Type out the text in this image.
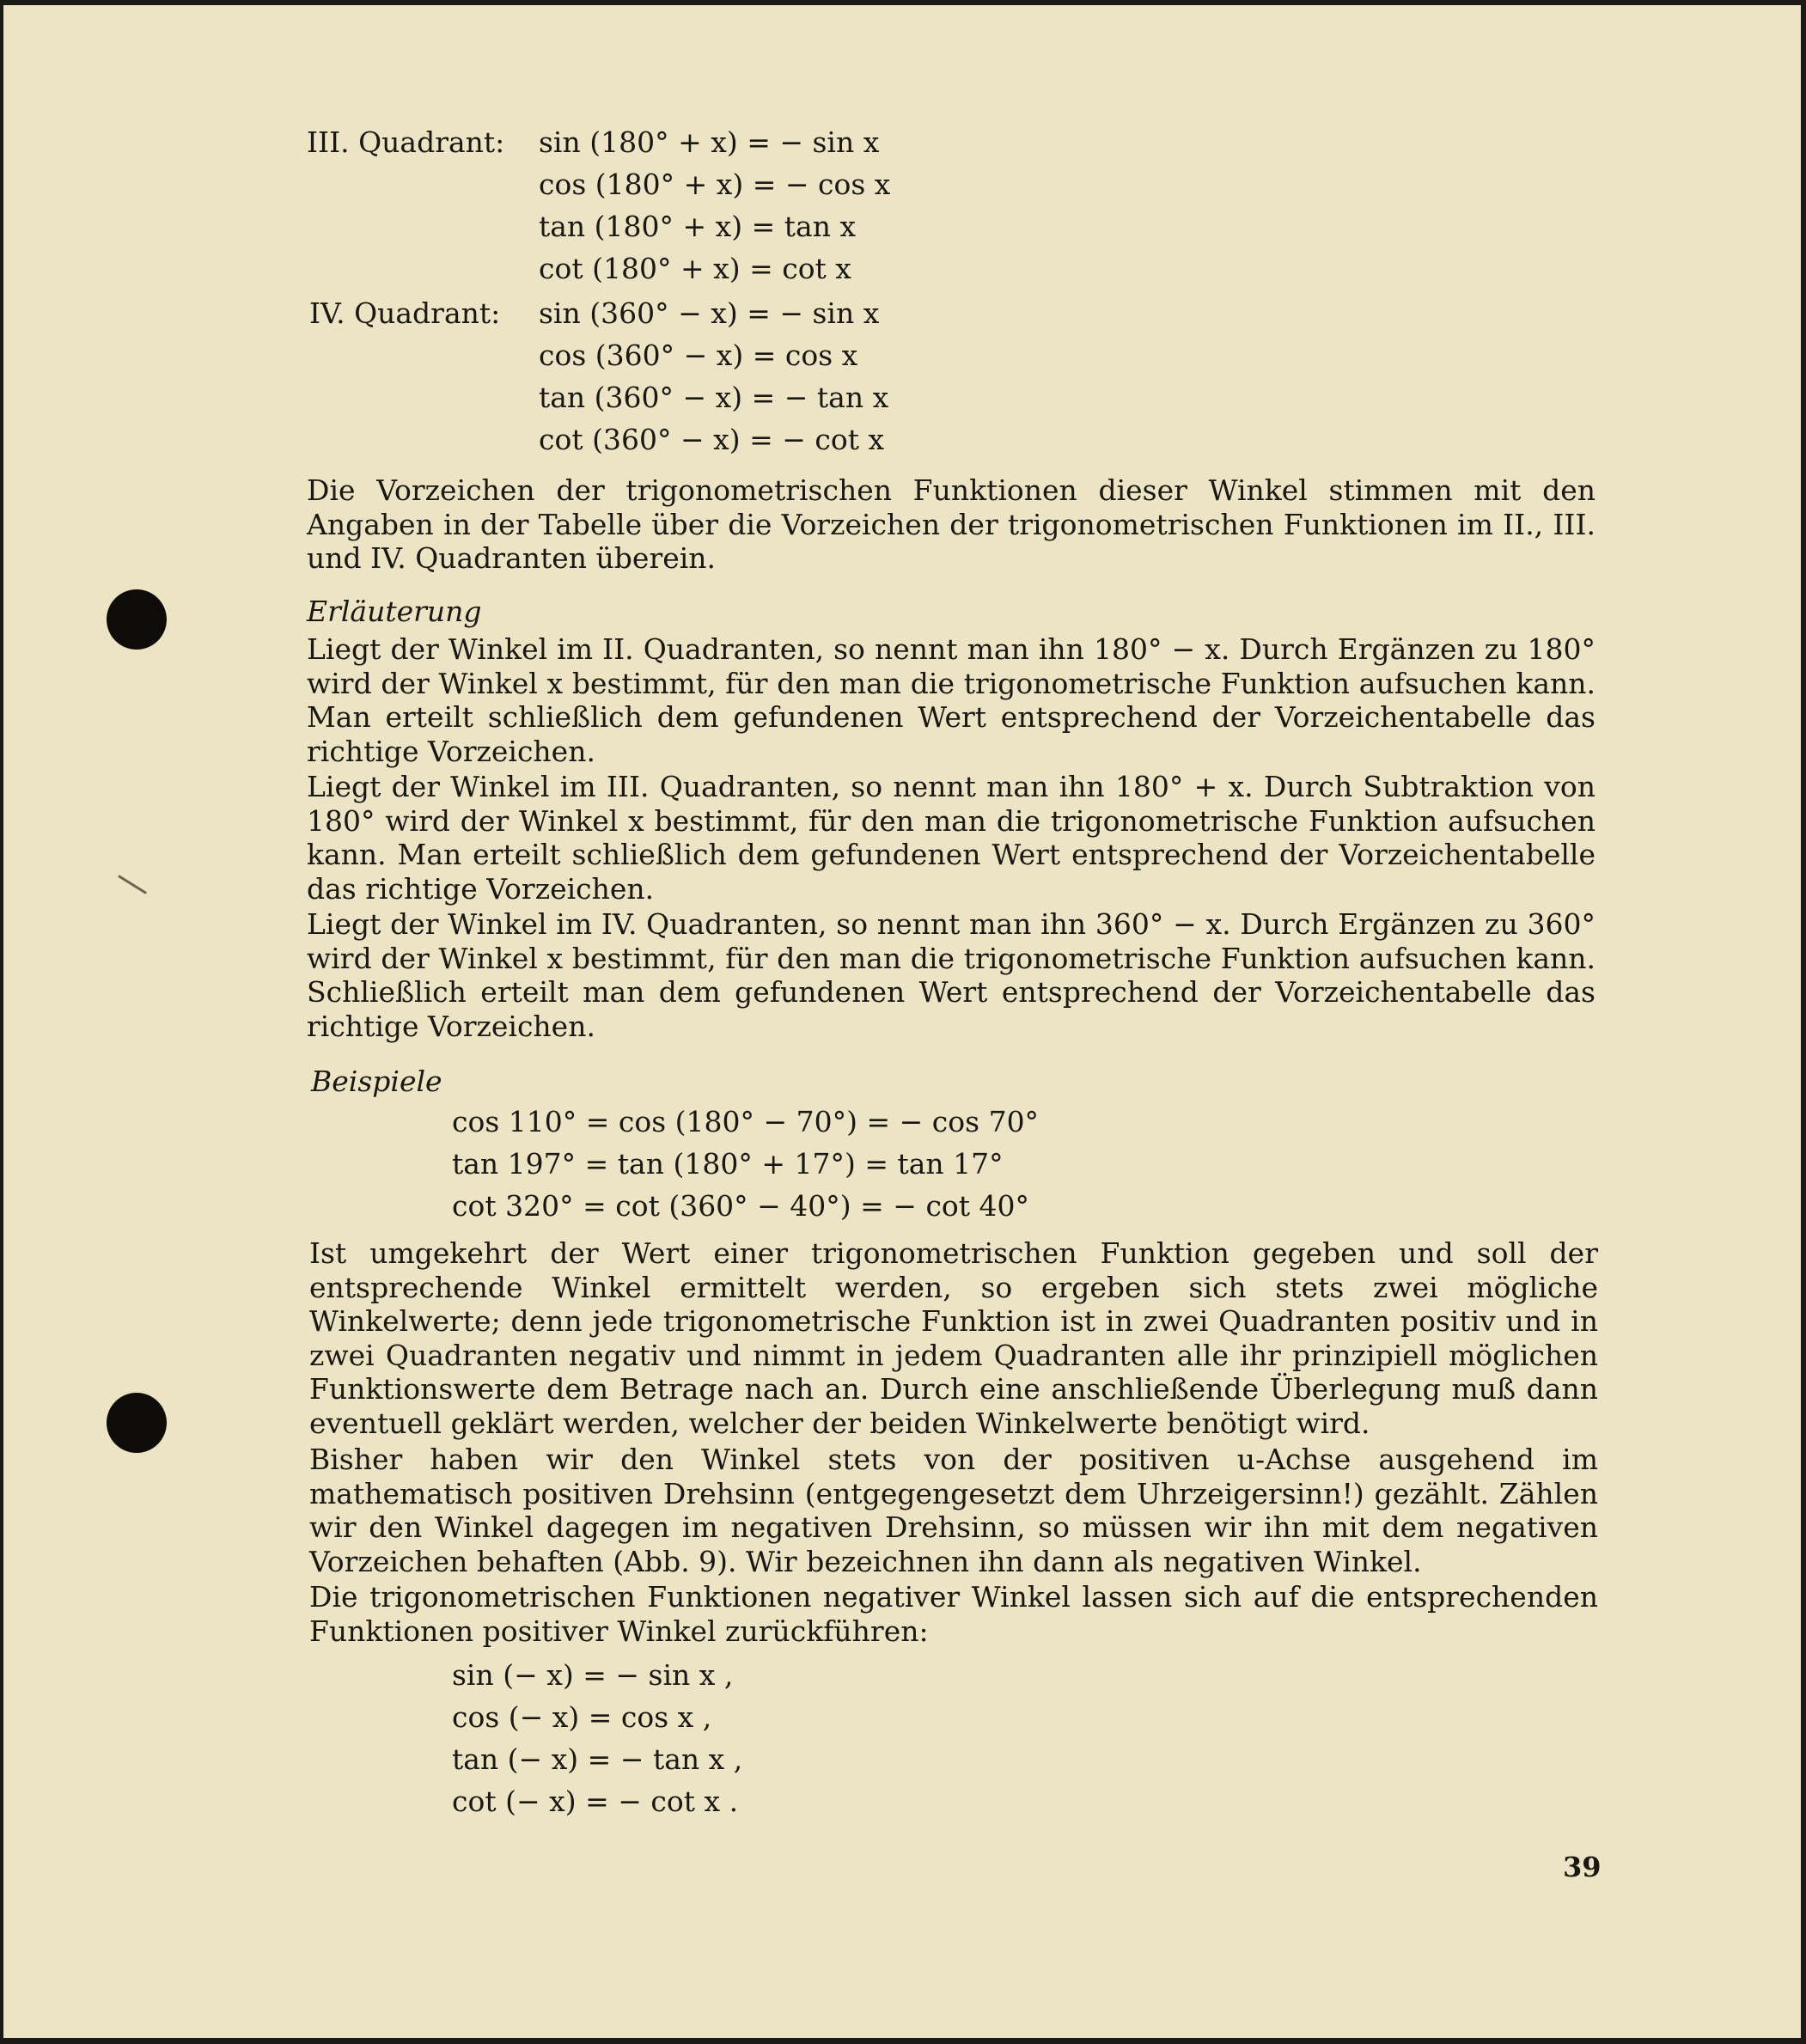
III. Quadrant: sin (180° + x) = − sin x
cos (180° + x) = − cos x
tan (180° + x) = tan x
cot (180° + x) = cot x
IV. Quadrant: sin (360° − x) = − sin x
cos (360° − x) = cos x
tan (360° − x) = − tan x
cot (360° − x) = − cot x
Die Vorzeichen der trigonometrischen Funktionen dieser Winkel stimmen mit den Angaben in der Tabelle über die Vorzeichen der trigonometrischen Funktionen im II., III. und IV. Quadranten überein.
Erläuterung
Liegt der Winkel im II. Quadranten, so nennt man ihn 180° − x. Durch Ergänzen zu 180° wird der Winkel x bestimmt, für den man die trigonometrische Funktion aufsuchen kann. Man erteilt schließlich dem gefundenen Wert entsprechend der Vorzeichentabelle das richtige Vorzeichen.
Liegt der Winkel im III. Quadranten, so nennt man ihn 180° + x. Durch Subtraktion von 180° wird der Winkel x bestimmt, für den man die trigonometrische Funktion aufsuchen kann. Man erteilt schließlich dem gefundenen Wert entsprechend der Vorzeichentabelle das richtige Vorzeichen.
Liegt der Winkel im IV. Quadranten, so nennt man ihn 360° − x. Durch Ergänzen zu 360° wird der Winkel x bestimmt, für den man die trigonometrische Funktion aufsuchen kann. Schließlich erteilt man dem gefundenen Wert entsprechend der Vorzeichentabelle das richtige Vorzeichen.
Beispiele
cos 110° = cos (180° − 70°) = − cos 70°
tan 197° = tan (180° + 17°) = tan 17°
cot 320° = cot (360° − 40°) = − cot 40°
Ist umgekehrt der Wert einer trigonometrischen Funktion gegeben und soll der entsprechende Winkel ermittelt werden, so ergeben sich stets zwei mögliche Winkelwerte; denn jede trigonometrische Funktion ist in zwei Quadranten positiv und in zwei Quadranten negativ und nimmt in jedem Quadranten alle ihr prinzipiell möglichen Funktionswerte dem Betrage nach an. Durch eine anschließende Überlegung muß dann eventuell geklärt werden, welcher der beiden Winkelwerte benötigt wird.
Bisher haben wir den Winkel stets von der positiven u-Achse ausgehend im mathematisch positiven Drehsinn (entgegengesetzt dem Uhrzeigersinn!) gezählt. Zählen wir den Winkel dagegen im negativen Drehsinn, so müssen wir ihn mit dem negativen Vorzeichen behaften (Abb. 9). Wir bezeichnen ihn dann als negativen Winkel.
Die trigonometrischen Funktionen negativer Winkel lassen sich auf die entsprechenden Funktionen positiver Winkel zurückführen:
sin (− x) = − sin x ,
cos (− x) = cos x ,
tan (− x) = − tan x ,
cot (− x) = − cot x .
39
